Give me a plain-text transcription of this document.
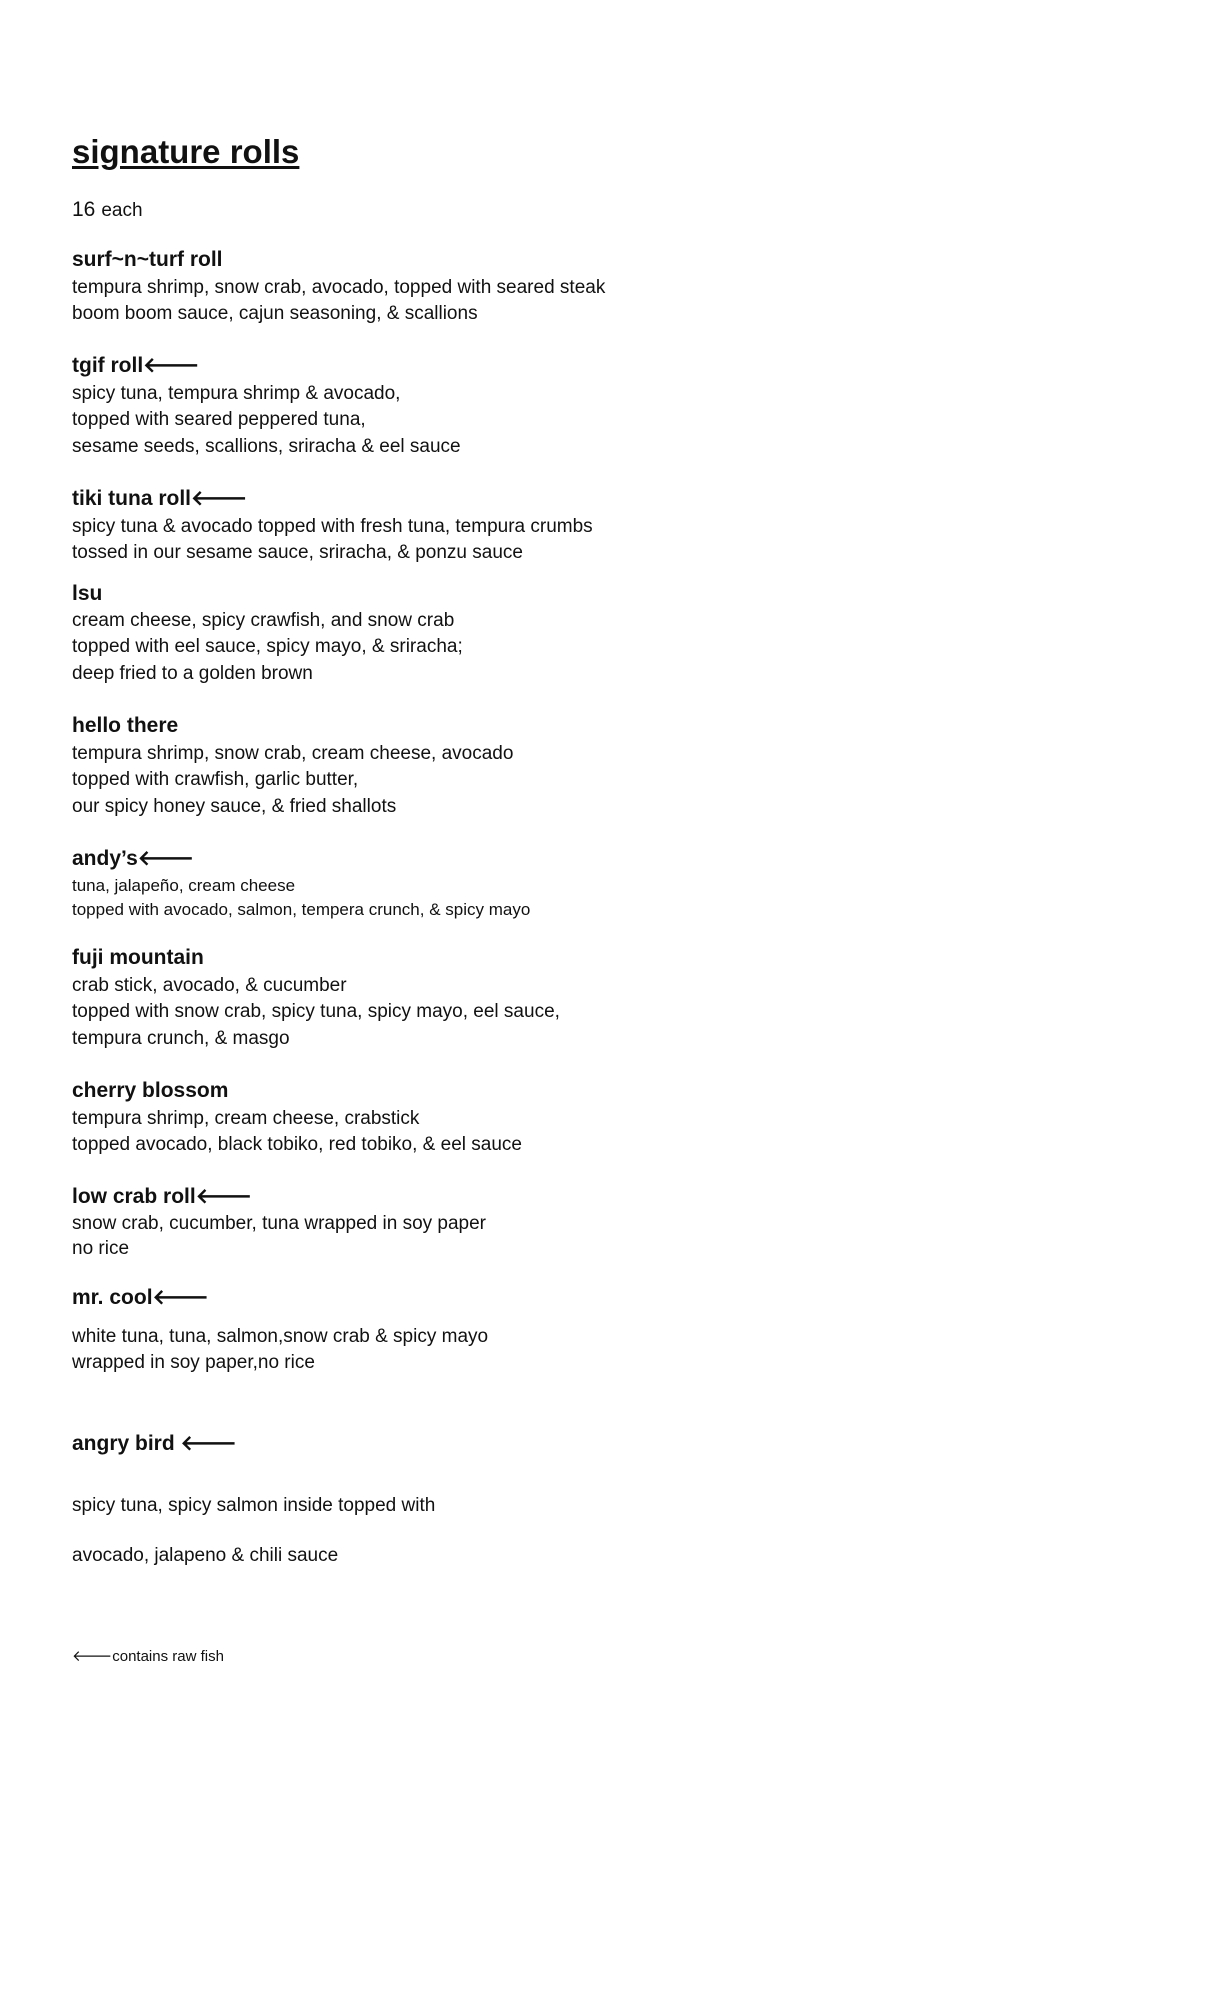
signature rolls
16 each
surf~n~turf roll
tempura shrimp, snow crab, avocado, topped with seared steak
boom boom sauce, cajun seasoning, & scallions
tgif roll🡐
spicy tuna, tempura shrimp & avocado,
topped with seared peppered tuna,
sesame seeds, scallions, sriracha & eel sauce
tiki tuna roll🡐
spicy tuna & avocado topped with fresh tuna, tempura crumbs
tossed in our sesame sauce, sriracha, & ponzu sauce
lsu
cream cheese, spicy crawfish, and snow crab
topped with eel sauce, spicy mayo, & sriracha;
deep fried to a golden brown
hello there
tempura shrimp, snow crab, cream cheese, avocado
topped with crawfish, garlic butter,
our spicy honey sauce, & fried shallots
andy’s🡐
tuna, jalapeño, cream cheese
topped with avocado, salmon, tempera crunch, & spicy mayo
fuji mountain
crab stick, avocado, & cucumber
topped with snow crab, spicy tuna, spicy mayo, eel sauce,
tempura crunch, & masgo
cherry blossom
tempura shrimp, cream cheese, crabstick
topped avocado, black tobiko, red tobiko, & eel sauce
low crab roll🡐
snow crab, cucumber, tuna wrapped in soy paper
no rice
mr. cool🡐
white tuna, tuna, salmon,snow crab & spicy mayo
wrapped in soy paper,no rice
angry bird 🡐
spicy tuna, spicy salmon inside topped with
avocado, jalapeno & chili sauce
🡐contains raw fish
